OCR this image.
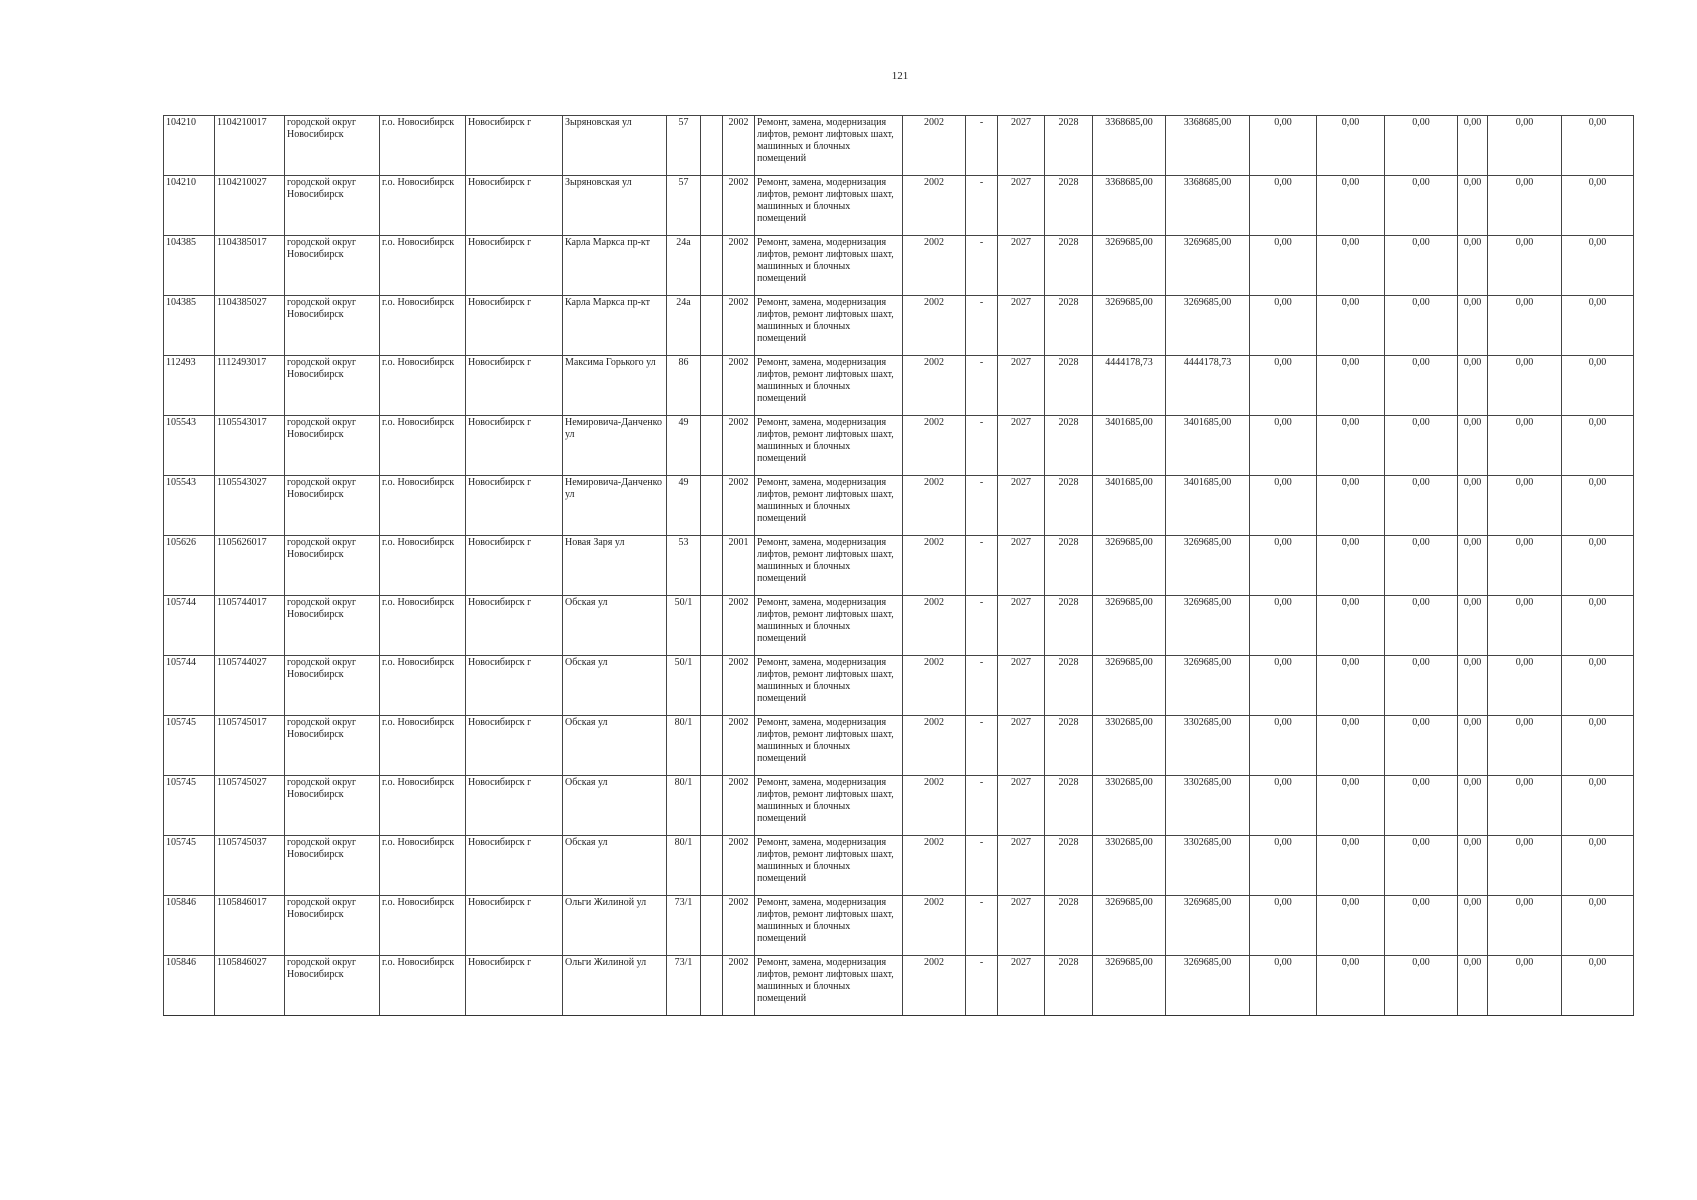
121
104210	1104210017	городской округ Новосибирск	г.о. Новосибирск	Новосибирск г	Зыряновская ул	57		2002	Ремонт, замена, модернизация лифтов, ремонт лифтовых шахт, машинных и блочных помещений	2002	-	2027	2028	3368685,00	3368685,00	0,00	0,00	0,00	0,00	0,00	0,00
104210	1104210027	городской округ Новосибирск	г.о. Новосибирск	Новосибирск г	Зыряновская ул	57		2002	Ремонт, замена, модернизация лифтов, ремонт лифтовых шахт, машинных и блочных помещений	2002	-	2027	2028	3368685,00	3368685,00	0,00	0,00	0,00	0,00	0,00	0,00
104385	1104385017	городской округ Новосибирск	г.о. Новосибирск	Новосибирск г	Карла Маркса пр-кт	24а		2002	Ремонт, замена, модернизация лифтов, ремонт лифтовых шахт, машинных и блочных помещений	2002	-	2027	2028	3269685,00	3269685,00	0,00	0,00	0,00	0,00	0,00	0,00
104385	1104385027	городской округ Новосибирск	г.о. Новосибирск	Новосибирск г	Карла Маркса пр-кт	24а		2002	Ремонт, замена, модернизация лифтов, ремонт лифтовых шахт, машинных и блочных помещений	2002	-	2027	2028	3269685,00	3269685,00	0,00	0,00	0,00	0,00	0,00	0,00
112493	1112493017	городской округ Новосибирск	г.о. Новосибирск	Новосибирск г	Максима Горького ул	86		2002	Ремонт, замена, модернизация лифтов, ремонт лифтовых шахт, машинных и блочных помещений	2002	-	2027	2028	4444178,73	4444178,73	0,00	0,00	0,00	0,00	0,00	0,00
105543	1105543017	городской округ Новосибирск	г.о. Новосибирск	Новосибирск г	Немировича-Данченко ул	49		2002	Ремонт, замена, модернизация лифтов, ремонт лифтовых шахт, машинных и блочных помещений	2002	-	2027	2028	3401685,00	3401685,00	0,00	0,00	0,00	0,00	0,00	0,00
105543	1105543027	городской округ Новосибирск	г.о. Новосибирск	Новосибирск г	Немировича-Данченко ул	49		2002	Ремонт, замена, модернизация лифтов, ремонт лифтовых шахт, машинных и блочных помещений	2002	-	2027	2028	3401685,00	3401685,00	0,00	0,00	0,00	0,00	0,00	0,00
105626	1105626017	городской округ Новосибирск	г.о. Новосибирск	Новосибирск г	Новая Заря ул	53		2001	Ремонт, замена, модернизация лифтов, ремонт лифтовых шахт, машинных и блочных помещений	2002	-	2027	2028	3269685,00	3269685,00	0,00	0,00	0,00	0,00	0,00	0,00
105744	1105744017	городской округ Новосибирск	г.о. Новосибирск	Новосибирск г	Обская ул	50/1		2002	Ремонт, замена, модернизация лифтов, ремонт лифтовых шахт, машинных и блочных помещений	2002	-	2027	2028	3269685,00	3269685,00	0,00	0,00	0,00	0,00	0,00	0,00
105744	1105744027	городской округ Новосибирск	г.о. Новосибирск	Новосибирск г	Обская ул	50/1		2002	Ремонт, замена, модернизация лифтов, ремонт лифтовых шахт, машинных и блочных помещений	2002	-	2027	2028	3269685,00	3269685,00	0,00	0,00	0,00	0,00	0,00	0,00
105745	1105745017	городской округ Новосибирск	г.о. Новосибирск	Новосибирск г	Обская ул	80/1		2002	Ремонт, замена, модернизация лифтов, ремонт лифтовых шахт, машинных и блочных помещений	2002	-	2027	2028	3302685,00	3302685,00	0,00	0,00	0,00	0,00	0,00	0,00
105745	1105745027	городской округ Новосибирск	г.о. Новосибирск	Новосибирск г	Обская ул	80/1		2002	Ремонт, замена, модернизация лифтов, ремонт лифтовых шахт, машинных и блочных помещений	2002	-	2027	2028	3302685,00	3302685,00	0,00	0,00	0,00	0,00	0,00	0,00
105745	1105745037	городской округ Новосибирск	г.о. Новосибирск	Новосибирск г	Обская ул	80/1		2002	Ремонт, замена, модернизация лифтов, ремонт лифтовых шахт, машинных и блочных помещений	2002	-	2027	2028	3302685,00	3302685,00	0,00	0,00	0,00	0,00	0,00	0,00
105846	1105846017	городской округ Новосибирск	г.о. Новосибирск	Новосибирск г	Ольги Жилиной ул	73/1		2002	Ремонт, замена, модернизация лифтов, ремонт лифтовых шахт, машинных и блочных помещений	2002	-	2027	2028	3269685,00	3269685,00	0,00	0,00	0,00	0,00	0,00	0,00
105846	1105846027	городской округ Новосибирск	г.о. Новосибирск	Новосибирск г	Ольги Жилиной ул	73/1		2002	Ремонт, замена, модернизация лифтов, ремонт лифтовых шахт, машинных и блочных помещений	2002	-	2027	2028	3269685,00	3269685,00	0,00	0,00	0,00	0,00	0,00	0,00
